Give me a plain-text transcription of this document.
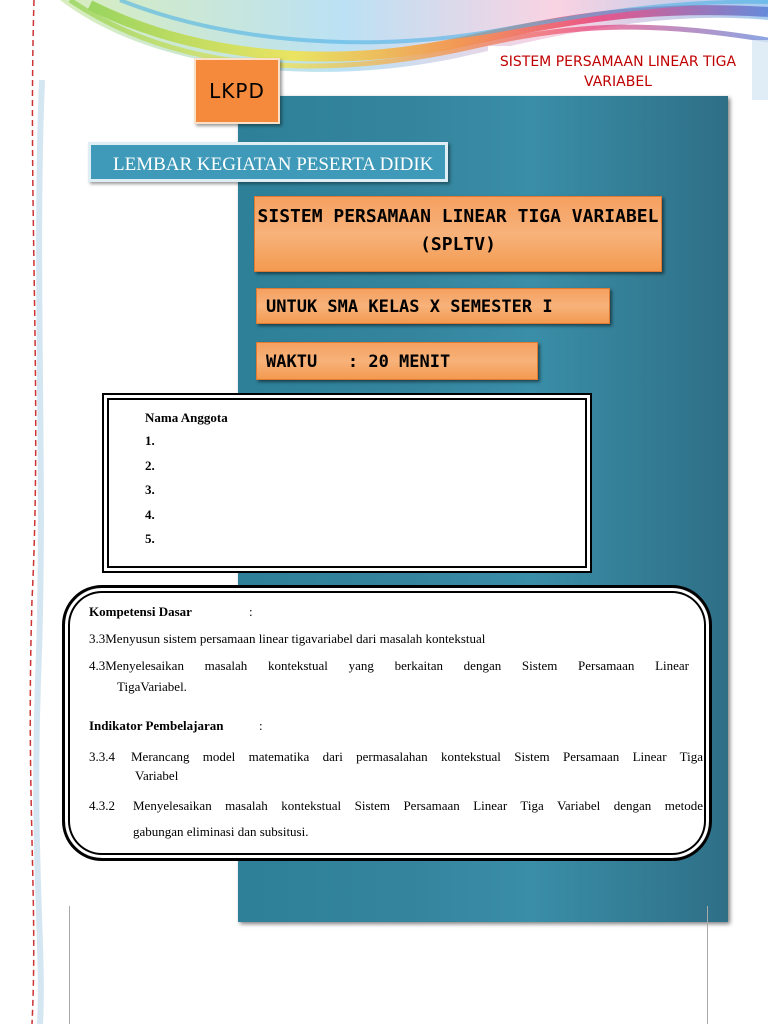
SISTEM PERSAMAAN LINEAR TIGA VARIABEL
LKPD
LEMBAR KEGIATAN PESERTA DIDIK
SISTEM PERSAMAAN LINEAR TIGA VARIABEL (SPLTV)
UNTUK SMA KELAS X SEMESTER I
WAKTU   : 20 MENIT
Nama Anggota
1.
2.
3.
4.
5.
Kompetensi Dasar	:
3.3Menyusun sistem persamaan linear tigavariabel dari masalah kontekstual
4.3Menyelesaikan masalah kontekstual yang berkaitan dengan Sistem Persamaan Linear
TigaVariabel.
Indikator Pembelajaran	:
3.3.4 Merancang model matematika dari permasalahan kontekstual Sistem Persamaan Linear Tiga
Variabel
4.3.2 Menyelesaikan masalah kontekstual Sistem Persamaan Linear Tiga Variabel dengan metode
gabungan eliminasi dan subsitusi.
